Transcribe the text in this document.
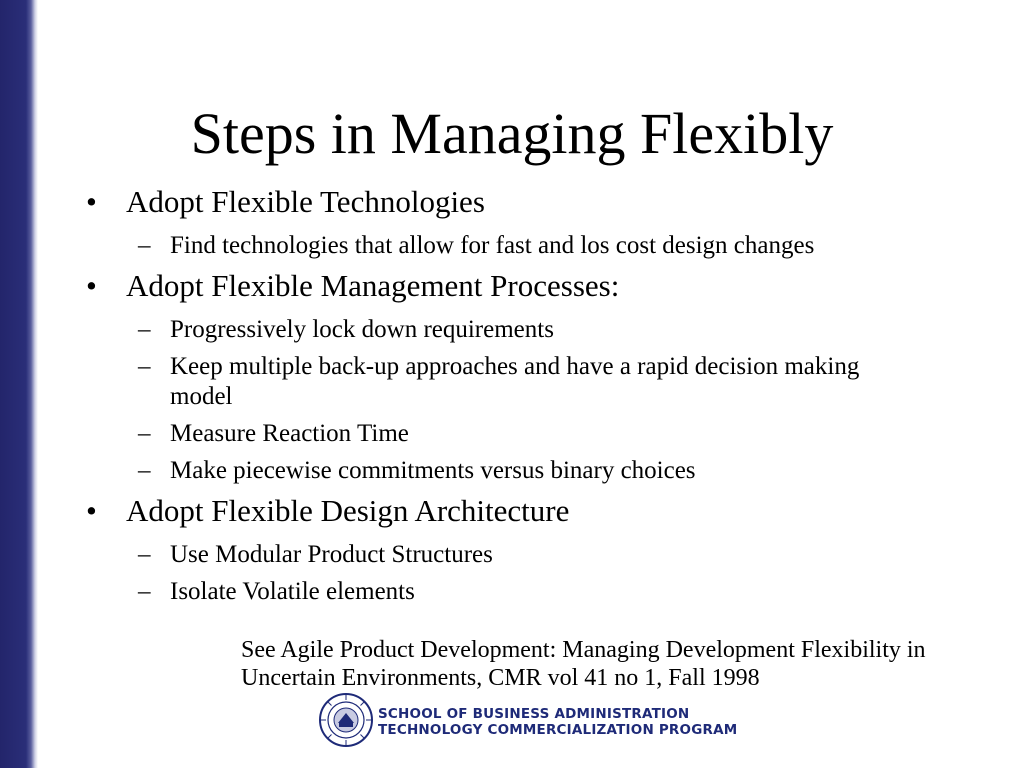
Steps in Managing Flexibly
• Adopt Flexible Technologies
– Find technologies that allow for fast and los cost design changes
• Adopt Flexible Management Processes:
– Progressively lock down requirements
– Keep multiple back-up approaches and have a rapid decision making model
– Measure Reaction Time
– Make piecewise commitments versus binary choices
• Adopt Flexible Design Architecture
– Use Modular Product Structures
– Isolate Volatile elements
See Agile Product Development: Managing Development Flexibility in Uncertain Environments, CMR vol 41 no 1, Fall 1998
SCHOOL OF BUSINESS ADMINISTRATION
TECHNOLOGY COMMERCIALIZATION PROGRAM
